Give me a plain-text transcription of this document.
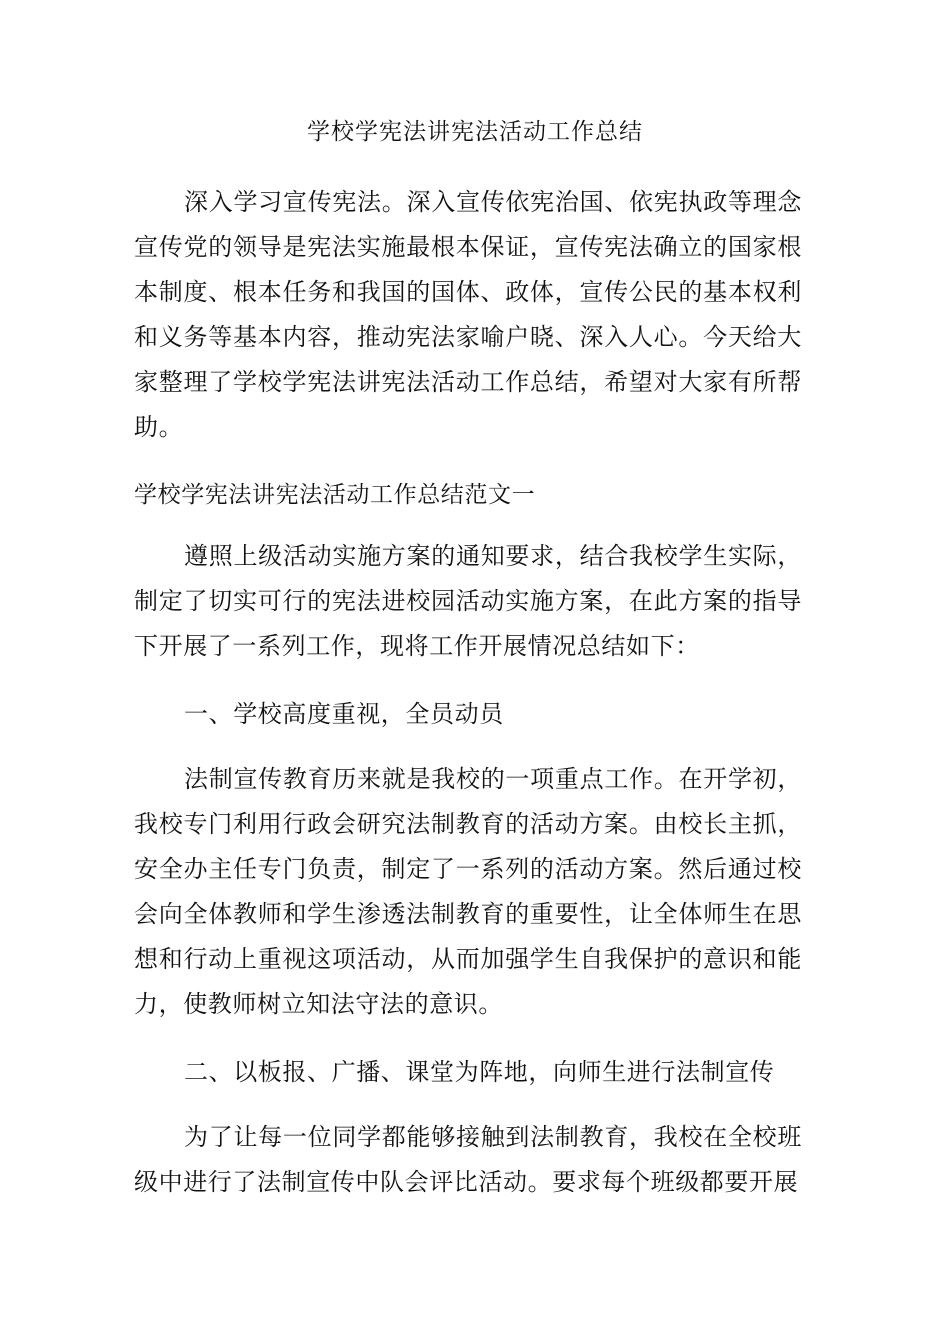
学校学宪法讲宪法活动工作总结

深入学习宣传宪法。深入宣传依宪治国、依宪执政等理念宣传党的领导是宪法实施最根本保证，宣传宪法确立的国家根本制度、根本任务和我国的国体、政体，宣传公民的基本权利和义务等基本内容，推动宪法家喻户晓、深入人心。今天给大家整理了学校学宪法讲宪法活动工作总结，希望对大家有所帮助。

学校学宪法讲宪法活动工作总结范文一

遵照上级活动实施方案的通知要求，结合我校学生实际，制定了切实可行的宪法进校园活动实施方案，在此方案的指导下开展了一系列工作，现将工作开展情况总结如下：

一、学校高度重视，全员动员

法制宣传教育历来就是我校的一项重点工作。在开学初，我校专门利用行政会研究法制教育的活动方案。由校长主抓，安全办主任专门负责，制定了一系列的活动方案。然后通过校会向全体教师和学生渗透法制教育的重要性，让全体师生在思想和行动上重视这项活动，从而加强学生自我保护的意识和能力，使教师树立知法守法的意识。

二、以板报、广播、课堂为阵地，向师生进行法制宣传

为了让每一位同学都能够接触到法制教育，我校在全校班级中进行了法制宣传中队会评比活动。要求每个班级都要开展
